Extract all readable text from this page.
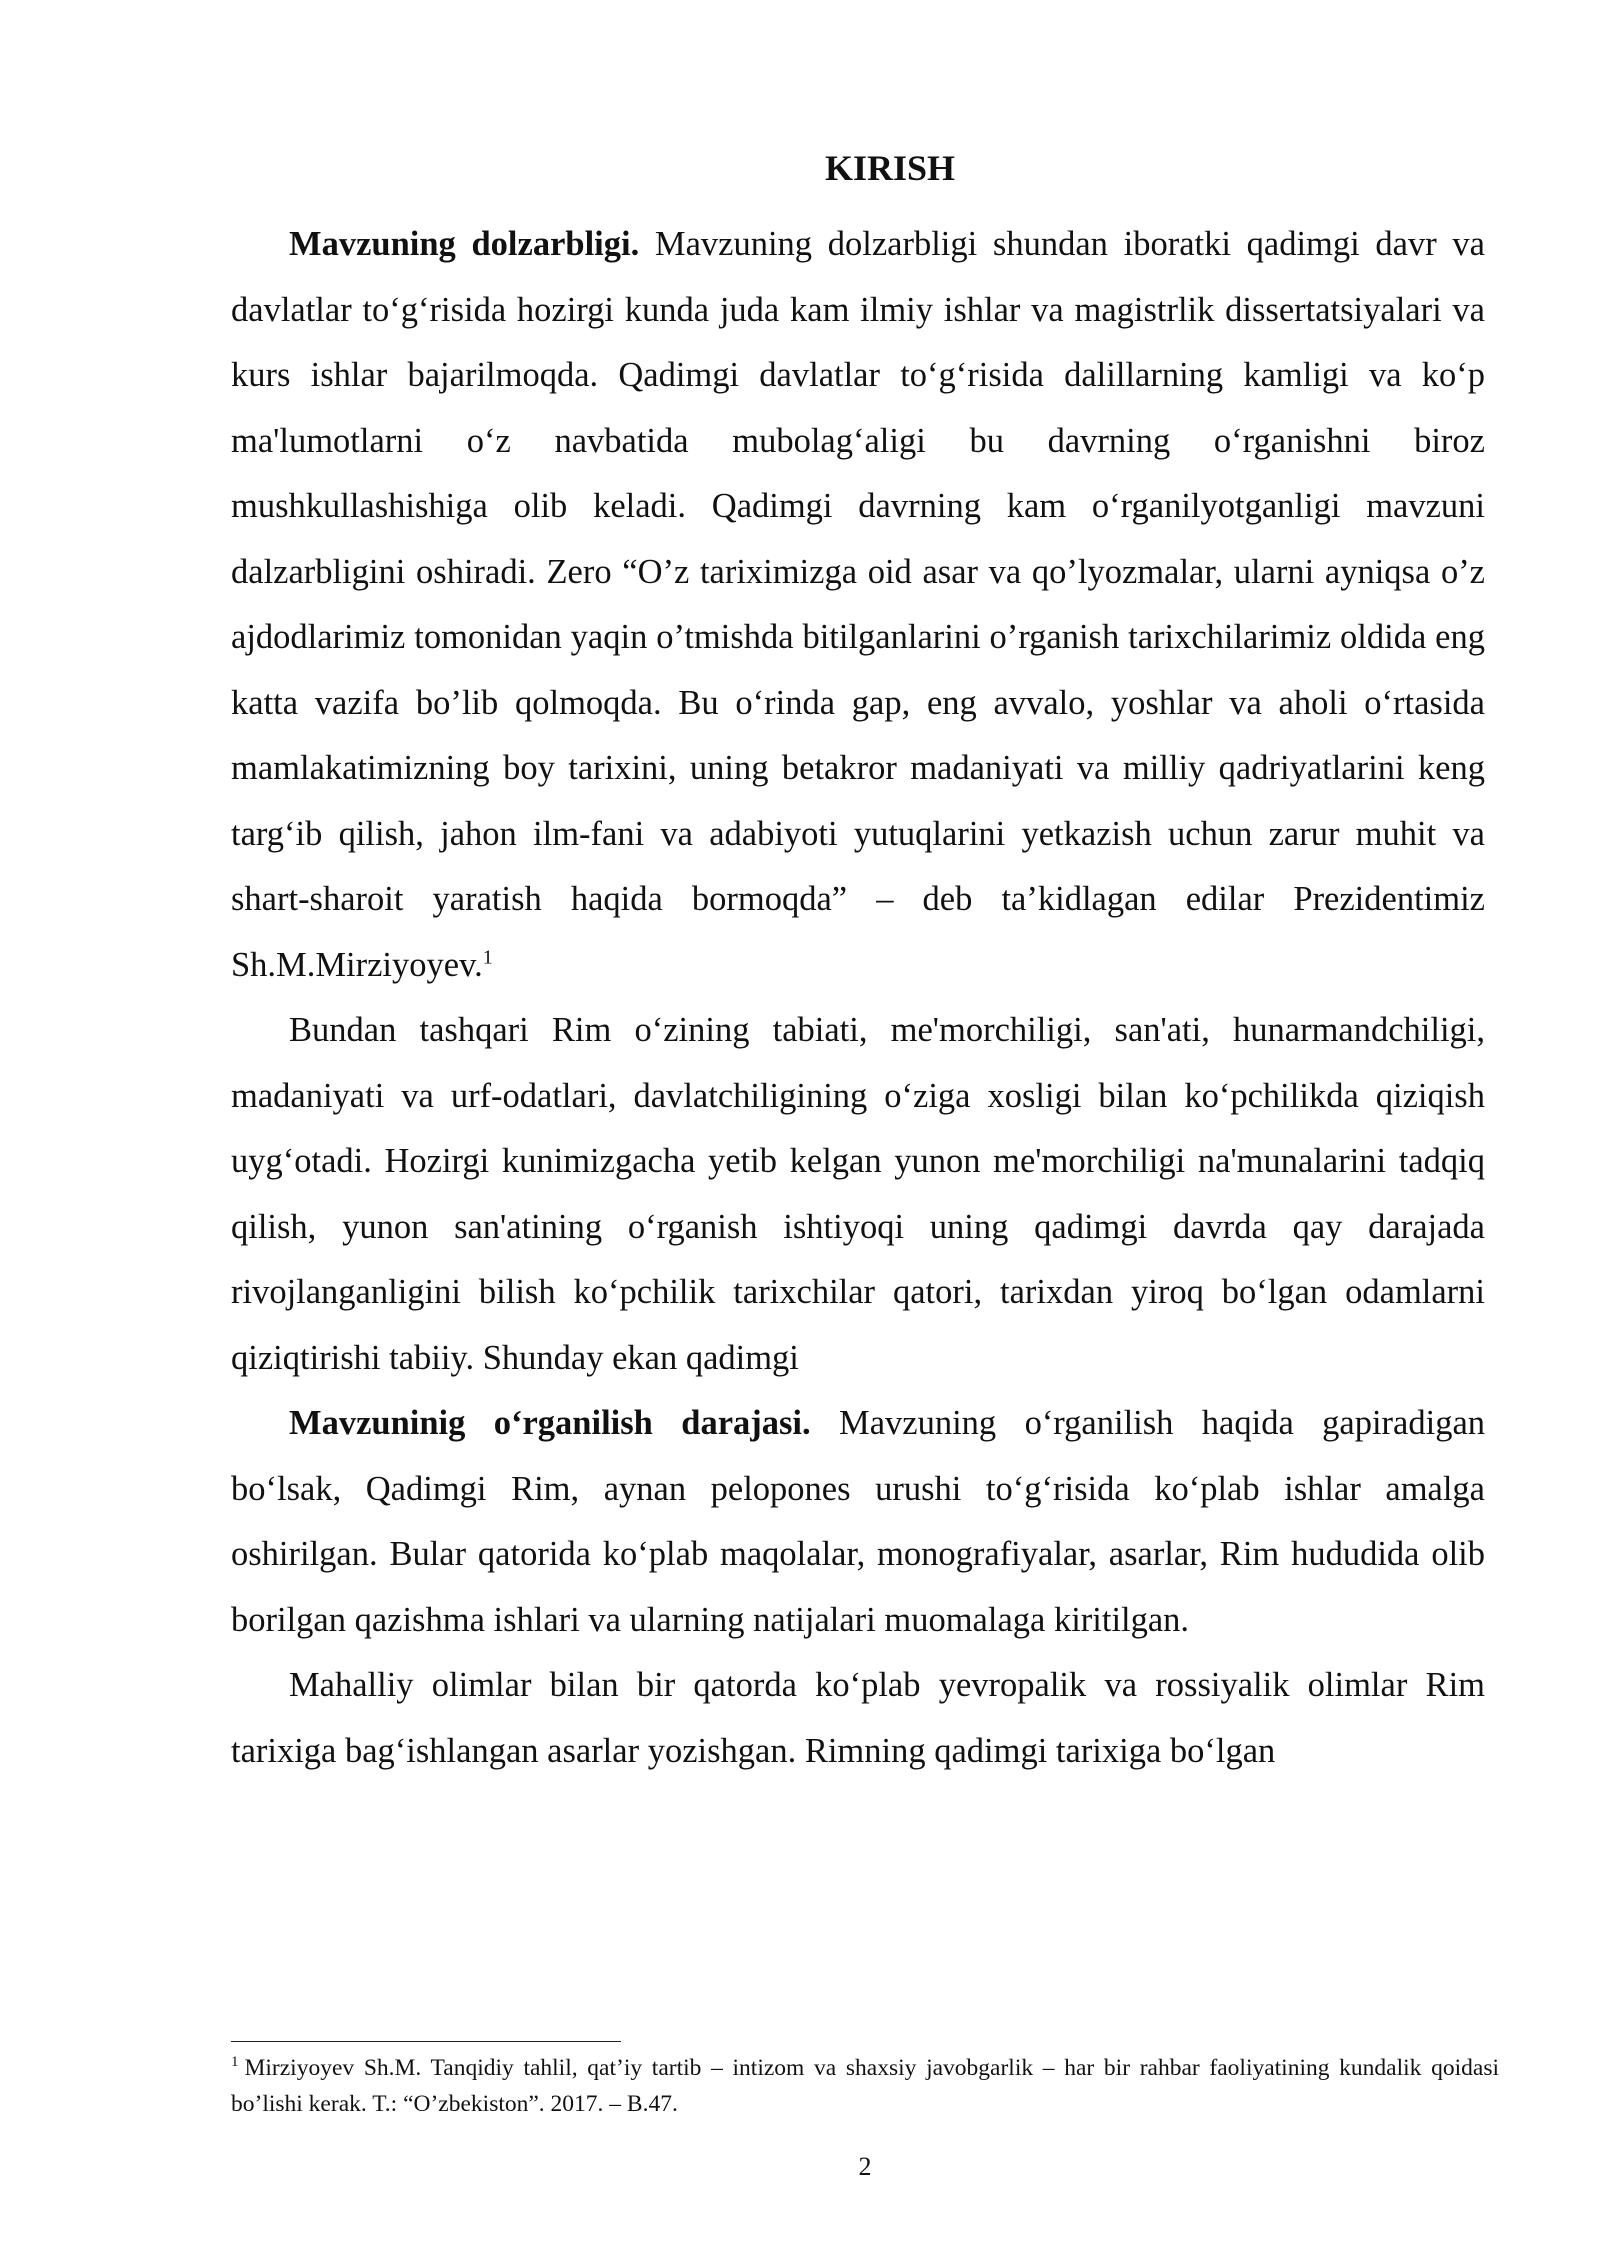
KIRISH

Mavzuning dolzarbligi. Mavzuning dolzarbligi shundan iboratki qadimgi davr va davlatlar to‘g‘risida hozirgi kunda juda kam ilmiy ishlar va magistrlik dissertatsiyalari va kurs ishlar bajarilmoqda. Qadimgi davlatlar to‘g‘risida dalillarning kamligi va ko‘p ma'lumotlarni o‘z navbatida mubolag‘aligi bu davrning o‘rganishni biroz mushkullashishiga olib keladi. Qadimgi davrning kam o‘rganilyotganligi mavzuni dalzarbligini oshiradi. Zero “O’z tariximizga oid asar va qo’lyozmalar, ularni ayniqsa o’z ajdodlarimiz tomonidan yaqin o’tmishda bitilganlarini o’rganish tarixchilarimiz oldida eng katta vazifa bo’lib qolmoqda. Bu o‘rinda gap, eng avvalo, yoshlar va aholi o‘rtasida mamlakatimizning boy tarixini, uning betakror madaniyati va milliy qadriyatlarini keng targ‘ib qilish, jahon ilm-fani va adabiyoti yutuqlarini yetkazish uchun zarur muhit va shart-sharoit yaratish haqida bormoqda” – deb ta’kidlagan edilar Prezidentimiz Sh.M.Mirziyoyev.$^1$

Bundan tashqari Rim o‘zining tabiati, me'morchiligi, san'ati, hunarmandchiligi, madaniyati va urf-odatlari, davlatchiligining o‘ziga xosligi bilan ko‘pchilikda qiziqish uyg‘otadi. Hozirgi kunimizgacha yetib kelgan yunon me'morchiligi na'munalarini tadqiq qilish, yunon san'atining o‘rganish ishtiyoqi uning qadimgi davrda qay darajada rivojlanganligini bilish ko‘pchilik tarixchilar qatori, tarixdan yiroq bo‘lgan odamlarni qiziqtirishi tabiiy. Shunday ekan qadimgi

Mavzuninig o‘rganilish darajasi. Mavzuning o‘rganilish haqida gapiradigan bo‘lsak, Qadimgi Rim, aynan pelopones urushi to‘g‘risida ko‘plab ishlar amalga oshirilgan. Bular qatorida ko‘plab maqolalar, monografiyalar, asarlar, Rim hududida olib borilgan qazishma ishlari va ularning natijalari muomalaga kiritilgan.

Mahalliy olimlar bilan bir qatorda ko‘plab yevropalik va rossiyalik olimlar Rim tarixiga bag‘ishlangan asarlar yozishgan. Rimning qadimgi tarixiga bo‘lgan

$^1$ Mirziyoyev Sh.M. Tanqidiy tahlil, qat’iy tartib – intizom va shaxsiy javobgarlik – har bir rahbar faoliyatining kundalik qoidasi bo’lishi kerak. T.: “O’zbekiston”. 2017. – B.47.
2
